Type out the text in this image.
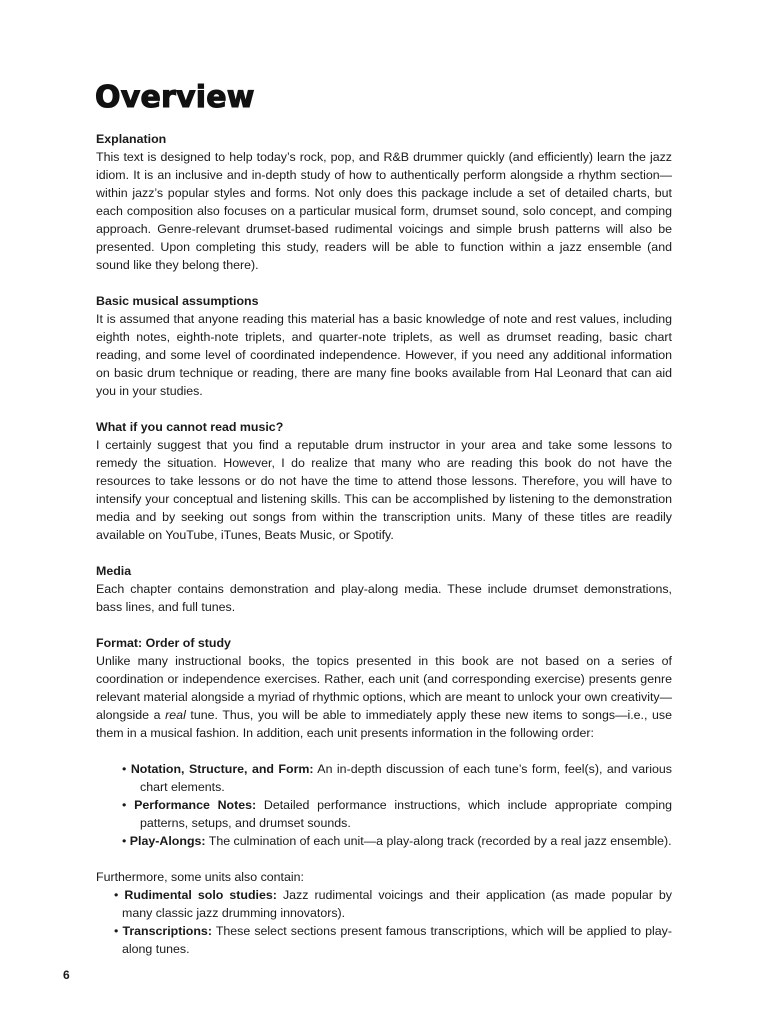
Overview
Explanation

This text is designed to help today’s rock, pop, and R&B drummer quickly (and efficiently) learn the jazz idiom. It is an inclusive and in-depth study of how to authentically perform alongside a rhythm section—within jazz’s popular styles and forms. Not only does this package include a set of detailed charts, but each composition also focuses on a particular musical form, drumset sound, solo concept, and comping approach. Genre-relevant drumset-based rudimental voicings and simple brush patterns will also be presented. Upon completing this study, readers will be able to function within a jazz ensemble (and sound like they belong there).

Basic musical assumptions

It is assumed that anyone reading this material has a basic knowledge of note and rest values, including eighth notes, eighth-note triplets, and quarter-note triplets, as well as drumset reading, basic chart reading, and some level of coordinated independence. However, if you need any additional information on basic drum technique or reading, there are many fine books available from Hal Leonard that can aid you in your studies.

What if you cannot read music?

I certainly suggest that you find a reputable drum instructor in your area and take some lessons to remedy the situation. However, I do realize that many who are reading this book do not have the resources to take lessons or do not have the time to attend those lessons. Therefore, you will have to intensify your conceptual and listening skills. This can be accomplished by listening to the demonstration media and by seeking out songs from within the transcription units. Many of these titles are readily available on YouTube, iTunes, Beats Music, or Spotify.

Media

Each chapter contains demonstration and play-along media. These include drumset demonstrations, bass lines, and full tunes.

Format: Order of study

Unlike many instructional books, the topics presented in this book are not based on a series of coordination or independence exercises. Rather, each unit (and corresponding exercise) presents genre relevant material alongside a myriad of rhythmic options, which are meant to unlock your own creativity—alongside a real tune. Thus, you will be able to immediately apply these new items to songs—i.e., use them in a musical fashion. In addition, each unit presents information in the following order:

• Notation, Structure, and Form: An in-depth discussion of each tune’s form, feel(s), and various chart elements.
• Performance Notes: Detailed performance instructions, which include appropriate comping patterns, setups, and drumset sounds.
• Play-Alongs: The culmination of each unit—a play-along track (recorded by a real jazz ensemble).

Furthermore, some units also contain:

• Rudimental solo studies: Jazz rudimental voicings and their application (as made popular by many classic jazz drumming innovators).
• Transcriptions: These select sections present famous transcriptions, which will be applied to play-along tunes.
6
